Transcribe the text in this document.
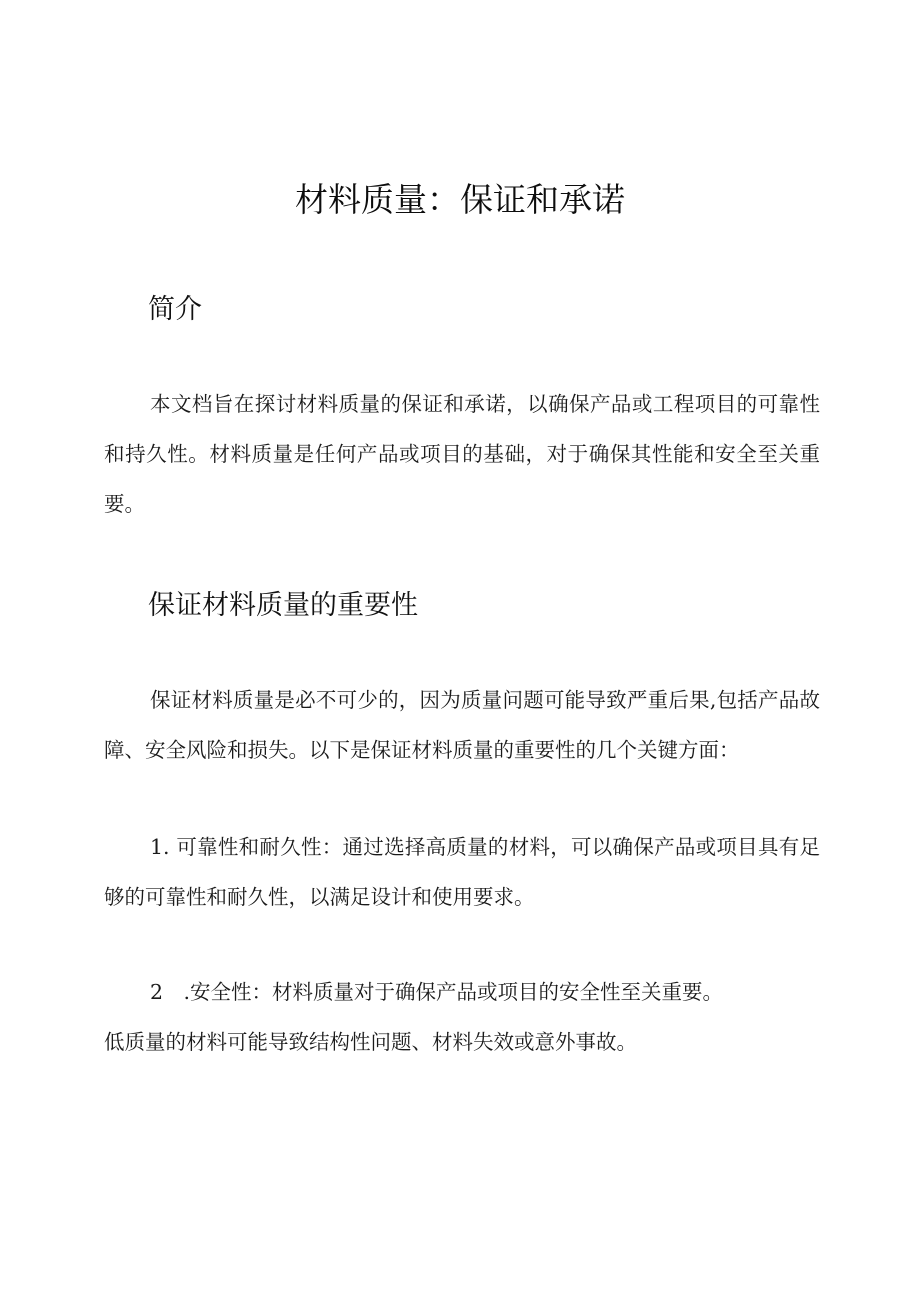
材料质量：保证和承诺
简介

本文档旨在探讨材料质量的保证和承诺，以确保产品或工程项目的可靠性和持久性。材料质量是任何产品或项目的基础，对于确保其性能和安全至关重要。

保证材料质量的重要性

保证材料质量是必不可少的，因为质量问题可能导致严重后果,包括产品故障、安全风险和损失。以下是保证材料质量的重要性的几个关键方面：

1. 可靠性和耐久性：通过选择高质量的材料，可以确保产品或项目具有足够的可靠性和耐久性，以满足设计和使用要求。

2　.安全性：材料质量对于确保产品或项目的安全性至关重要。

低质量的材料可能导致结构性问题、材料失效或意外事故。
